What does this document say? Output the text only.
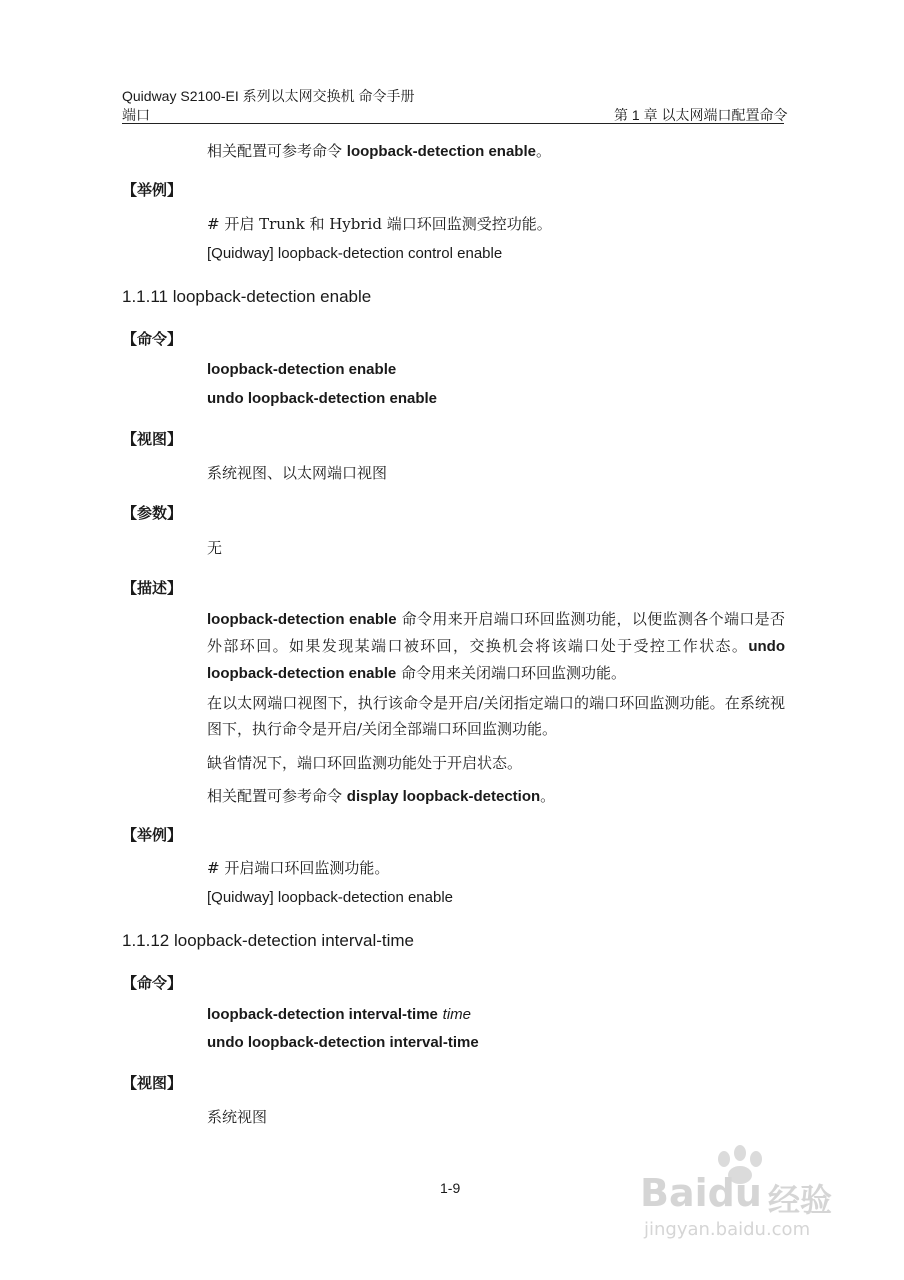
Quidway S2100-EI 系列以太网交换机 命令手册
端口	第 1 章 以太网端口配置命令
相关配置可参考命令 loopback-detection enable。
【举例】
# 开启 Trunk 和 Hybrid 端口环回监测受控功能。
[Quidway] loopback-detection control enable
1.1.11 loopback-detection enable
【命令】
loopback-detection enable
undo loopback-detection enable
【视图】
系统视图、以太网端口视图
【参数】
无
【描述】
loopback-detection enable 命令用来开启端口环回监测功能，以便监测各个端口是否外部环回。如果发现某端口被环回，交换机会将该端口处于受控工作状态。undo loopback-detection enable 命令用来关闭端口环回监测功能。
在以太网端口视图下，执行该命令是开启/关闭指定端口的端口环回监测功能。在系统视图下，执行命令是开启/关闭全部端口环回监测功能。
缺省情况下，端口环回监测功能处于开启状态。
相关配置可参考命令 display loopback-detection。
【举例】
# 开启端口环回监测功能。
[Quidway] loopback-detection enable
1.1.12 loopback-detection interval-time
【命令】
loopback-detection interval-time time
undo loopback-detection interval-time
【视图】
系统视图
1-9	Baidu 经验
jingyan.baidu.com
